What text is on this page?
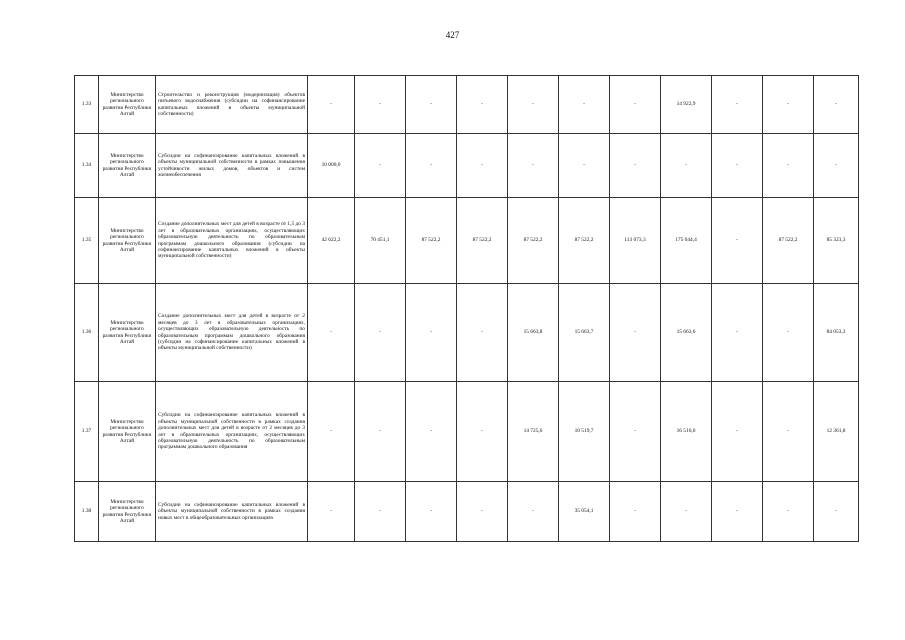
427
1.33	Министерство регионального развития Республики Алтай	Строительство и реконструкция (модернизация) объектов питьевого водоснабжения (субсидии на софинансирование капитальных вложений в объекты муниципальной собственности)	-	-	-	-	-	-	-	14 922,9	-	-	-
1.34	Министерство регионального развития Республики Алтай	Субсидии на софинансирование капитальных вложений в объекты муниципальной собственности в рамках повышения устойчивости жилых домов, объектов и систем жизнеобеспечения	10 000,0	-	-	-	-	-	-	-	-	-	-
1.35	Министерство регионального развития Республики Алтай	Создание дополнительных мест для детей в возрасте от 1,5 до 3 лет в образовательных организациях, осуществляющих образовательную деятельность по образовательным программам дошкольного образования (субсидии на софинансирование капитальных вложений в объекты муниципальной собственности)	42 622,2	70 451,1	87 522,2	87 522,2	87 522,2	87 522,2	113 073,3	175 044,4	-	87 522,2	85 323,3
1.36	Министерство регионального развития Республики Алтай	Создание дополнительных мест для детей в возрасте от 2 месяцев до 3 лет в образовательных организациях, осуществляющих образовательную деятельность по образовательным программам дошкольного образования (субсидии на софинансирование капитальных вложений в объекты муниципальной собственности)	-	-	-	-	15 663,8	15 663,7	-	15 663,6	-	-	84 053,3
1.37	Министерство регионального развития Республики Алтай	Субсидии на софинансирование капитальных вложений в объекты муниципальной собственности в рамках создания дополнительных мест для детей в возрасте от 2 месяцев до 3 лет в образовательных организациях, осуществляющих образовательную деятельность по образовательным программам дошкольного образования	-	-	-	-	14 725,6	10 519,7	-	16 516,0	-	-	12 361,8
1.38	Министерство регионального развития Республики Алтай	Субсидии на софинансирование капитальных вложений в объекты муниципальной собственности в рамках создания новых мест в общеобразовательных организациях	-	-	-	-	-	35 054,1	-	-	-	-	-
